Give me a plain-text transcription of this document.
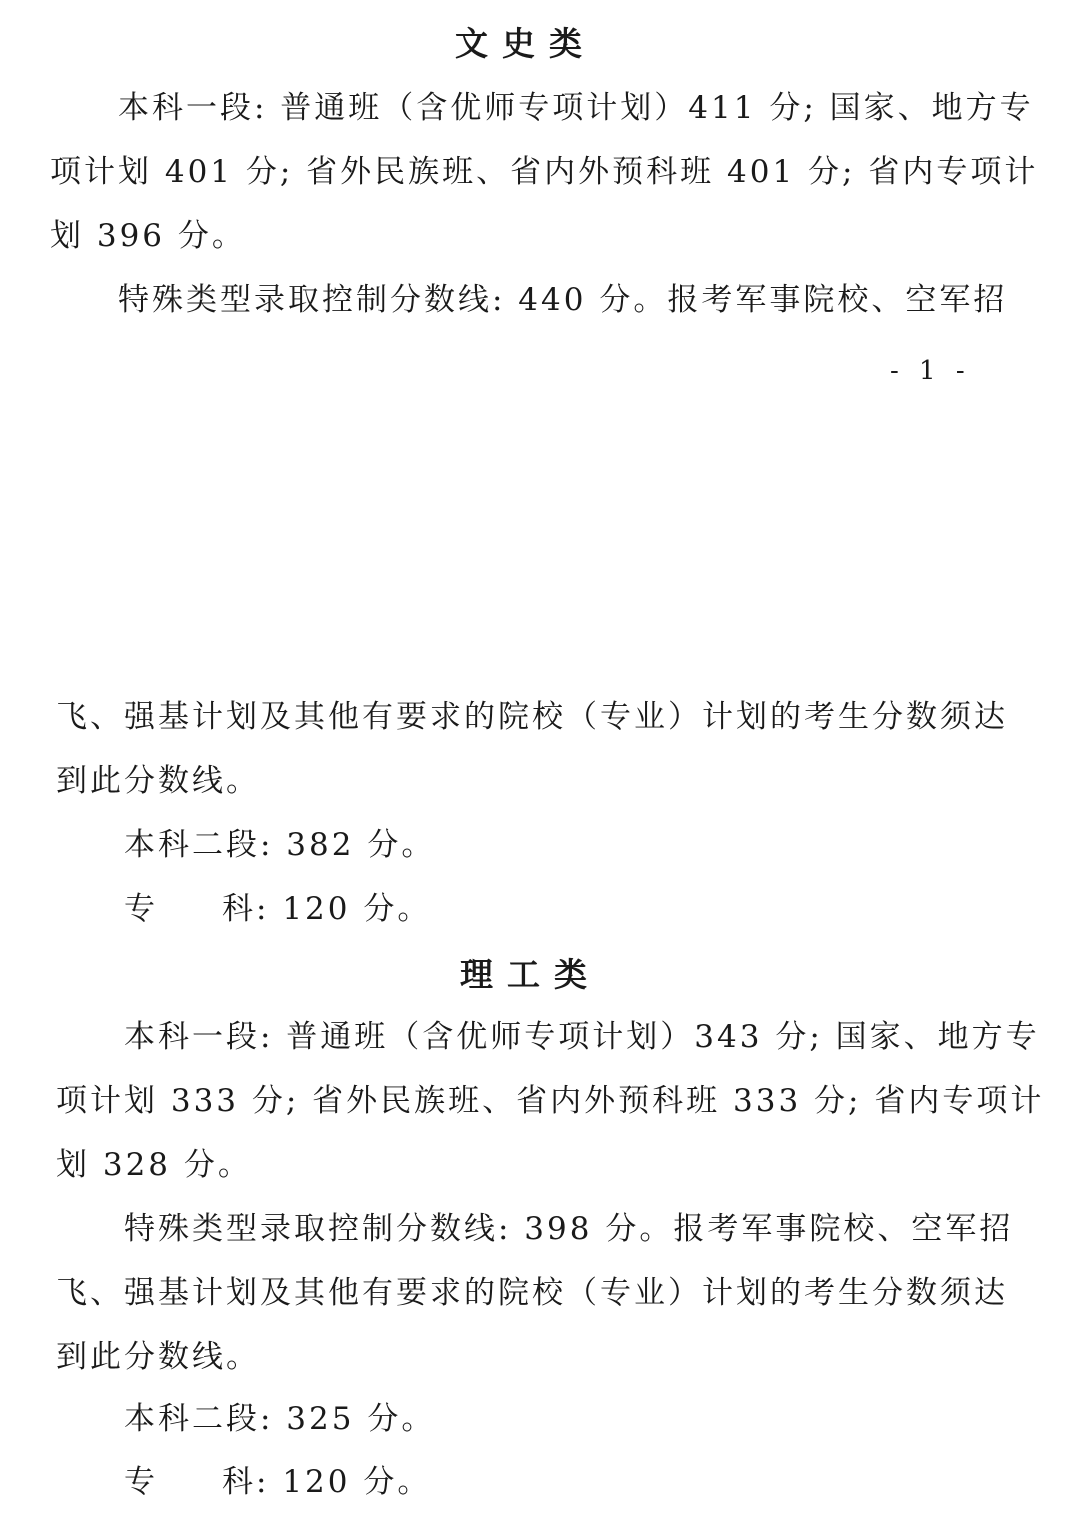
文史类
本科一段: 普通班（含优师专项计划）411 分; 国家、地方专
项计划 401 分; 省外民族班、省内外预科班 401 分; 省内专项计
划 396 分。
特殊类型录取控制分数线: 440 分。报考军事院校、空军招
- 1 -
飞、强基计划及其他有要求的院校（专业）计划的考生分数须达
到此分数线。
本科二段: 382 分。
专 科: 120 分。
理工类
本科一段: 普通班（含优师专项计划）343 分; 国家、地方专
项计划 333 分; 省外民族班、省内外预科班 333 分; 省内专项计
划 328 分。
特殊类型录取控制分数线: 398 分。报考军事院校、空军招
飞、强基计划及其他有要求的院校（专业）计划的考生分数须达
到此分数线。
本科二段: 325 分。
专 科: 120 分。
